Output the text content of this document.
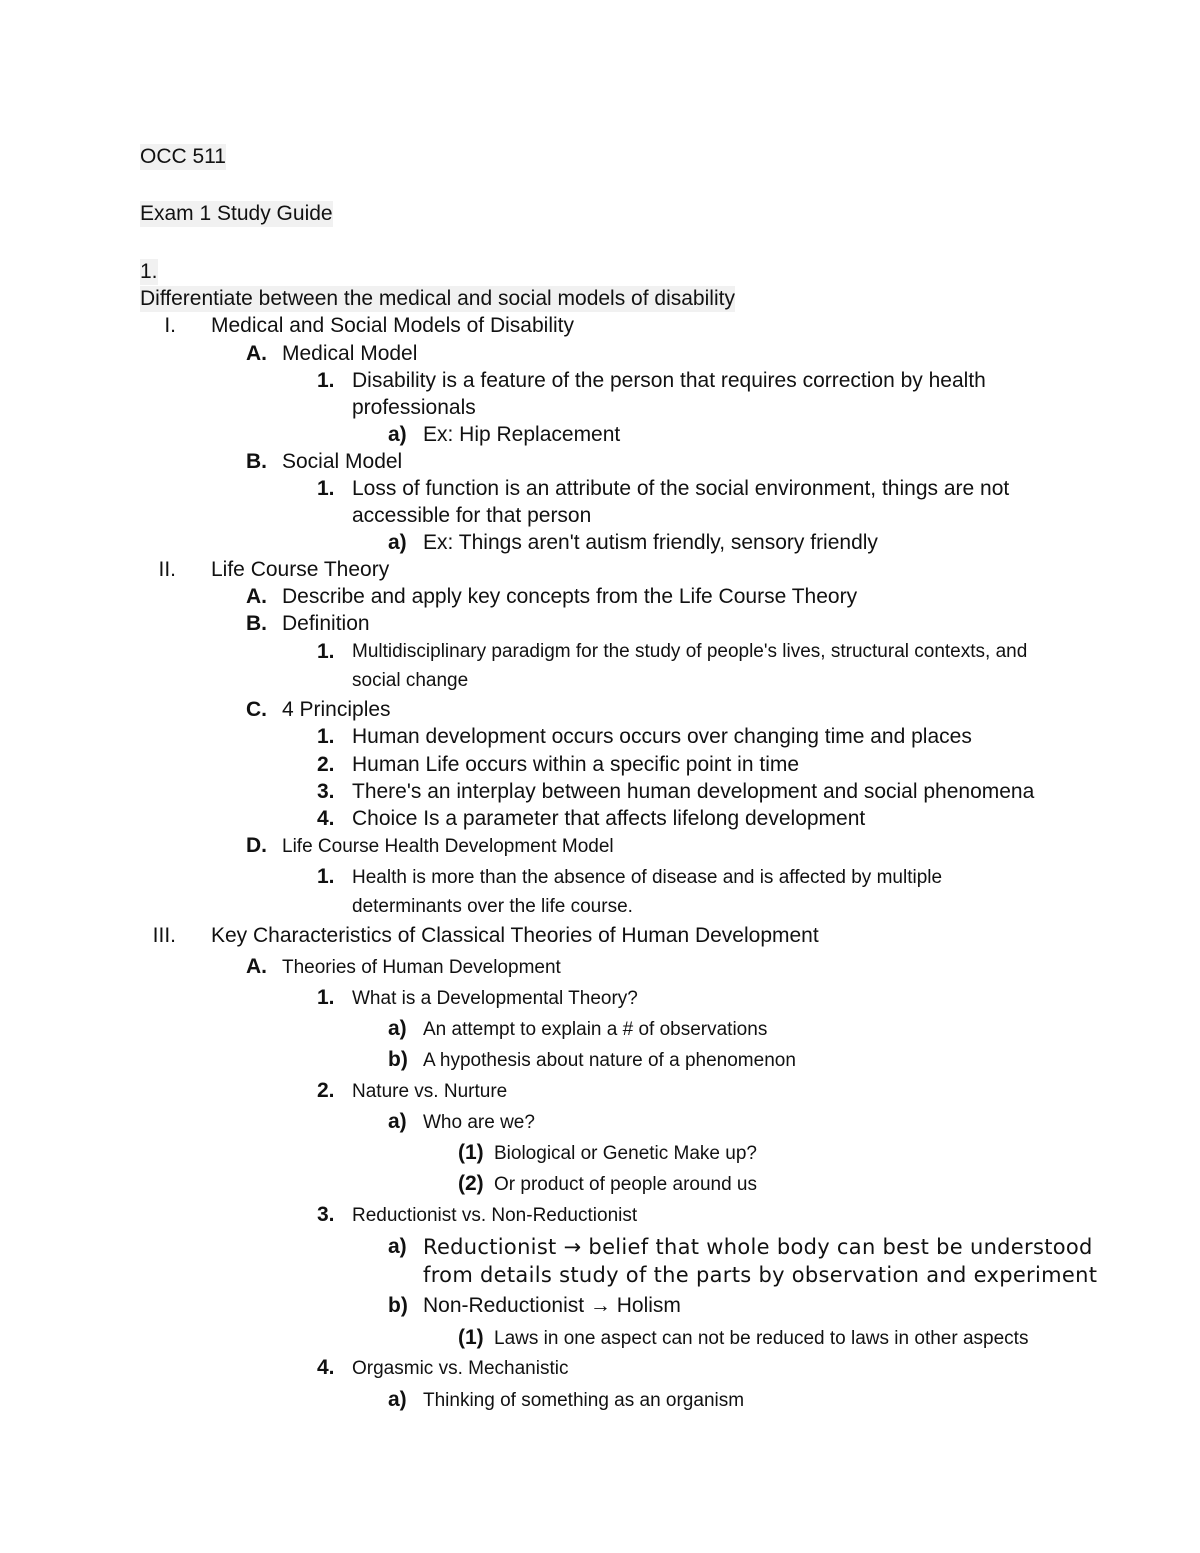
OCC 511
Exam 1 Study Guide
1.
Differentiate between the medical and social models of disability
I. Medical and Social Models of Disability
A. Medical Model
1. Disability is a feature of the person that requires correction by health
professionals
a) Ex: Hip Replacement
B. Social Model
1. Loss of function is an attribute of the social environment, things are not
accessible for that person
a) Ex: Things aren't autism friendly, sensory friendly
II. Life Course Theory
A. Describe and apply key concepts from the Life Course Theory
B. Definition
1. Multidisciplinary paradigm for the study of people's lives, structural contexts, and
social change
C. 4 Principles
1. Human development occurs occurs over changing time and places
2. Human Life occurs within a specific point in time
3. There's an interplay between human development and social phenomena
4. Choice Is a parameter that affects lifelong development
D. Life Course Health Development Model
1. Health is more than the absence of disease and is affected by multiple
determinants over the life course.
III. Key Characteristics of Classical Theories of Human Development
A. Theories of Human Development
1. What is a Developmental Theory?
a) An attempt to explain a # of observations
b) A hypothesis about nature of a phenomenon
2. Nature vs. Nurture
a) Who are we?
(1) Biological or Genetic Make up?
(2) Or product of people around us
3. Reductionist vs. Non-Reductionist
a) Reductionist → belief that whole body can best be understood
from details study of the parts by observation and experiment
b) Non-Reductionist → Holism
(1) Laws in one aspect can not be reduced to laws in other aspects
4. Orgasmic vs. Mechanistic
a) Thinking of something as an organism
